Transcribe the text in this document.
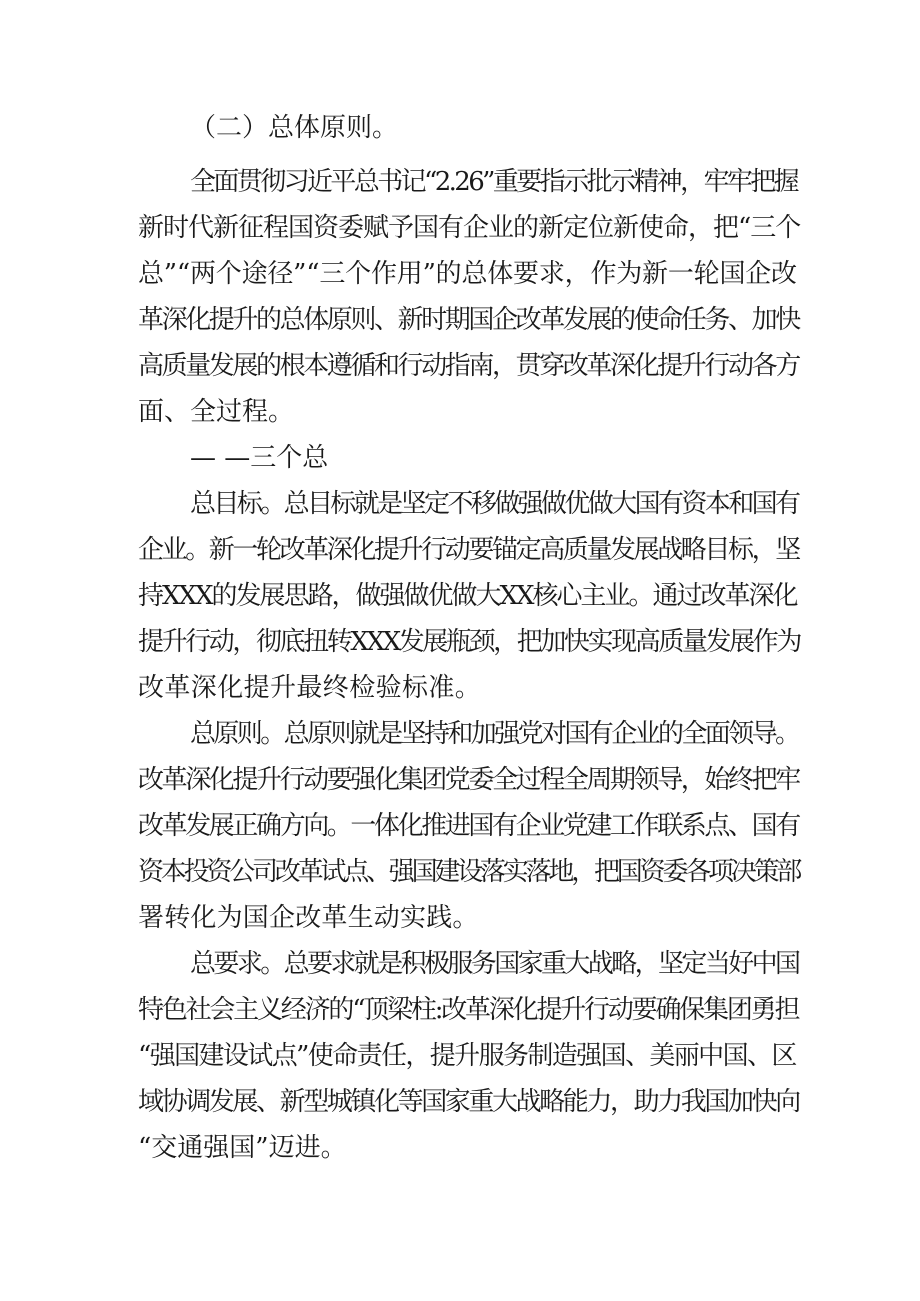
（二）总体原则。
全面贯彻习近平总书记“2.26”重要指示批示精神，牢牢把握
新时代新征程国资委赋予国有企业的新定位新使命，把“三个
总”“两个途径”“三个作用”的总体要求，作为新一轮国企改
革深化提升的总体原则、新时期国企改革发展的使命任务、加快
高质量发展的根本遵循和行动指南，贯穿改革深化提升行动各方
面、全过程。
— —三个总
总目标。总目标就是坚定不移做强做优做大国有资本和国有
企业。新一轮改革深化提升行动要锚定高质量发展战略目标，坚
持XXX的发展思路，做强做优做大XX核心主业。通过改革深化
提升行动，彻底扭转XXX发展瓶颈，把加快实现高质量发展作为
改革深化提升最终检验标准。
总原则。总原则就是坚持和加强党对国有企业的全面领导。
改革深化提升行动要强化集团党委全过程全周期领导，始终把牢
改革发展正确方向。一体化推进国有企业党建工作联系点、国有
资本投资公司改革试点、强国建设落实落地，把国资委各项决策部
署转化为国企改革生动实践。
总要求。总要求就是积极服务国家重大战略，坚定当好中国
特色社会主义经济的“顶梁柱:改革深化提升行动要确保集团勇担
“强国建设试点”使命责任，提升服务制造强国、美丽中国、区
域协调发展、新型城镇化等国家重大战略能力，助力我国加快向
“交通强国”迈进。
